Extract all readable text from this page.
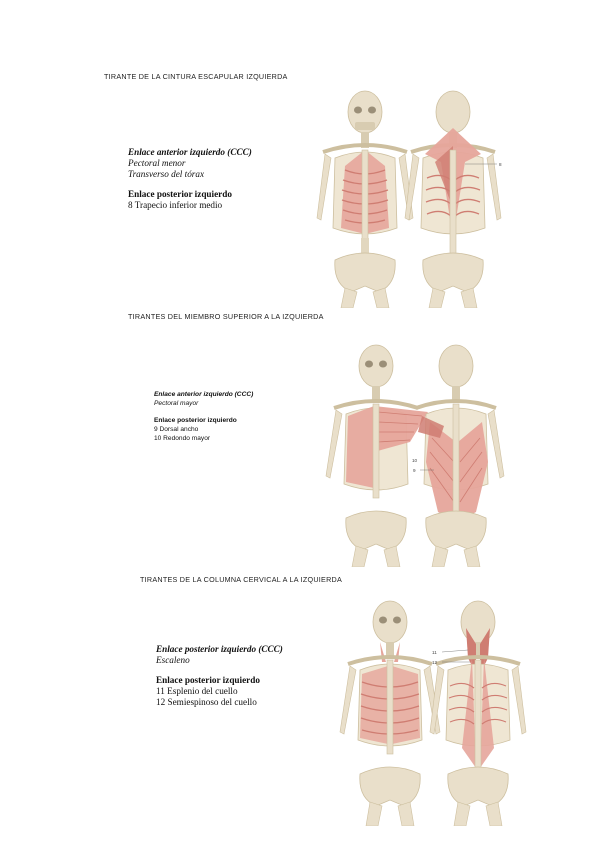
TIRANTE DE LA CINTURA ESCAPULAR IZQUIERDA
Enlace anterior izquierdo (CCC)
Pectoral menor
Transverso del tórax
Enlace posterior izquierdo
8 Trapecio inferior medio
8
TIRANTES DEL MIEMBRO SUPERIOR A LA IZQUIERDA
Enlace anterior izquierdo (CCC)
Pectoral mayor
Enlace posterior izquierdo
9 Dorsal ancho
10 Redondo mayor
10
9
TIRANTES DE LA COLUMNA CERVICAL A LA IZQUIERDA
Enlace posterior izquierdo (CCC)
Escaleno
Enlace posterior izquierdo
11 Esplenio del cuello
12 Semiespinoso del cuello
11
12
